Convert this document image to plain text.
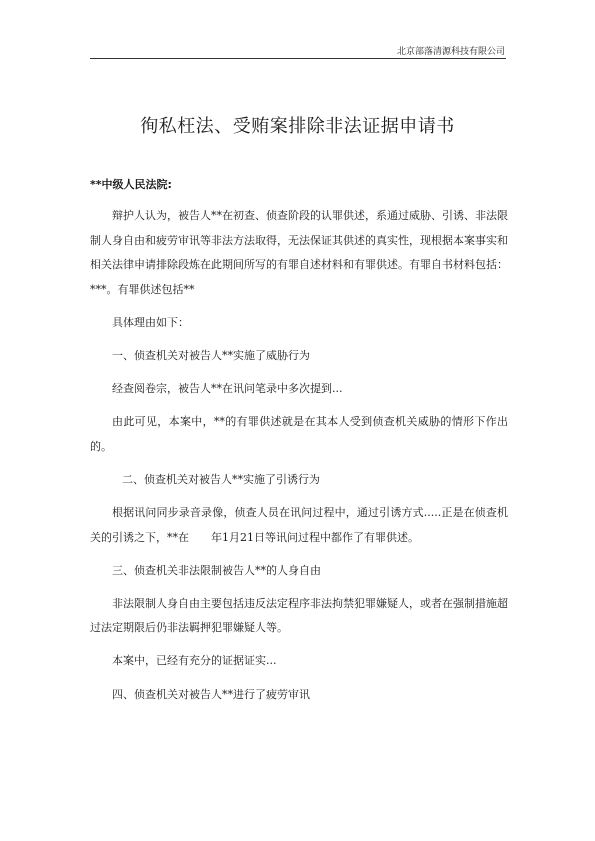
北京部落清源科技有限公司
徇私枉法、受贿案排除非法证据申请书
**中级人民法院:

辩护人认为，被告人**在初查、侦查阶段的认罪供述，系通过威胁、引诱、非法限制人身自由和疲劳审讯等非法方法取得，无法保证其供述的真实性，现根据本案事实和相关法律申请排除段炼在此期间所写的有罪自述材料和有罪供述。有罪自书材料包括：***。有罪供述包括**

具体理由如下：

一、侦查机关对被告人**实施了威胁行为

经查阅卷宗，被告人**在讯问笔录中多次提到...

由此可见，本案中，**的有罪供述就是在其本人受到侦查机关威胁的情形下作出的。

二、侦查机关对被告人**实施了引诱行为

根据讯问同步录音录像，侦查人员在讯问过程中，通过引诱方式.....正是在侦查机关的引诱之下，**在　　年1月21日等讯问过程中都作了有罪供述。

三、侦查机关非法限制被告人**的人身自由

非法限制人身自由主要包括违反法定程序非法拘禁犯罪嫌疑人，或者在强制措施超过法定期限后仍非法羁押犯罪嫌疑人等。

本案中，已经有充分的证据证实...

四、侦查机关对被告人**进行了疲劳审讯
